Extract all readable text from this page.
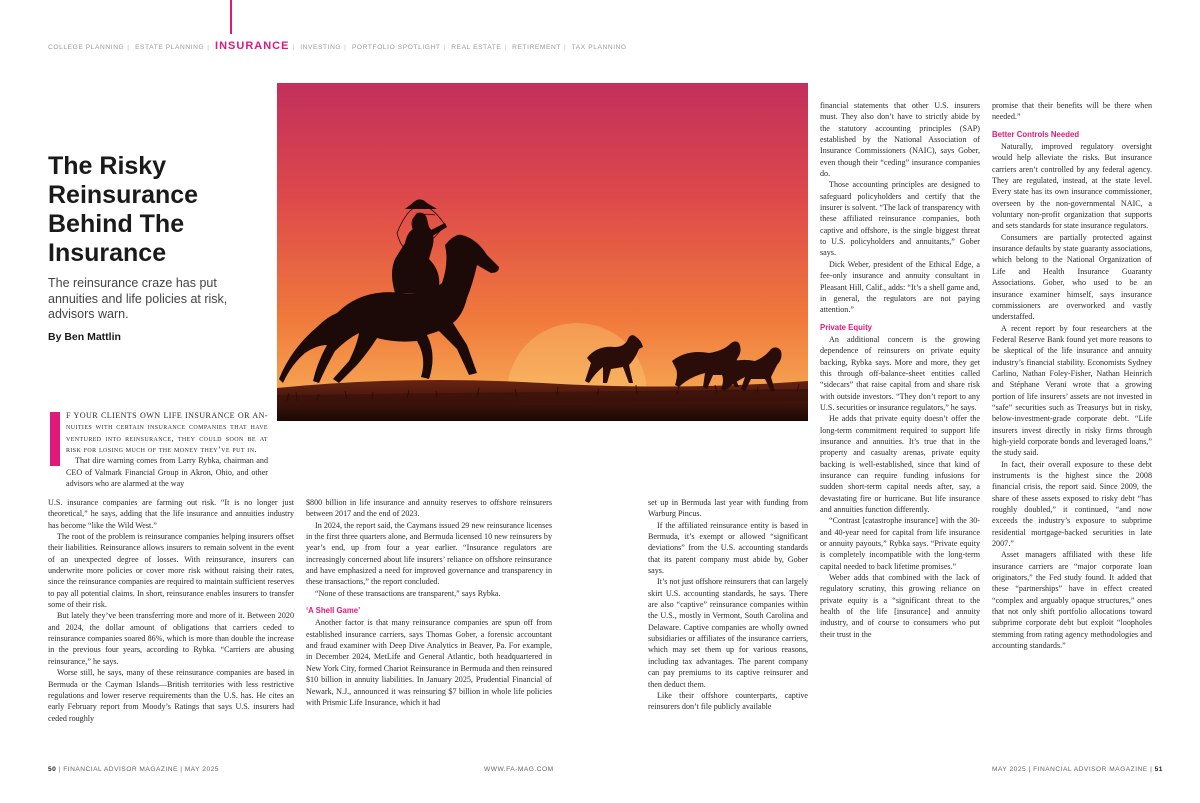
COLLEGE PLANNING | ESTATE PLANNING | INSURANCE | INVESTING | PORTFOLIO SPOTLIGHT | REAL ESTATE | RETIREMENT | TAX PLANNING
The Risky Reinsurance Behind The Insurance

The reinsurance craze has put annuities and life policies at risk, advisors warn.

By Ben Mattlin

F YOUR CLIENTS OWN LIFE INSURANCE OR AN-nuities with certain insurance companies that have ventured into reinsurance, they could soon be at risk for losing much of the money they’ve put in.

That dire warning comes from Larry Rybka, chairman and CEO of Valmark Financial Group in Akron, Ohio, and other advisors who are alarmed at the way

U.S. insurance companies are farming out risk. “It is no longer just theoretical,” he says, adding that the life insurance and annuities industry has become “like the Wild West.”

The root of the problem is reinsurance companies helping insurers offset their liabilities. Reinsurance allows insurers to remain solvent in the event of an unexpected degree of losses. With reinsurance, insurers can underwrite more policies or cover more risk without raising their rates, since the reinsurance companies are required to maintain sufficient reserves to pay all potential claims. In short, reinsurance enables insurers to transfer some of their risk.

But lately they’ve been transferring more and more of it. Between 2020 and 2024, the dollar amount of obligations that carriers ceded to reinsurance companies soared 86%, which is more than double the increase in the previous four years, according to Rybka. “Carriers are abusing reinsurance,” he says.

Worse still, he says, many of these reinsurance companies are based in Bermuda or the Cayman Islands—British territories with less restrictive regulations and lower reserve requirements than the U.S. has. He cites an early February report from Moody’s Ratings that says U.S. insurers had ceded roughly

$800 billion in life insurance and annuity reserves to offshore reinsurers between 2017 and the end of 2023.

In 2024, the report said, the Caymans issued 29 new reinsurance licenses in the first three quarters alone, and Bermuda licensed 10 new reinsurers by year’s end, up from four a year earlier. “Insurance regulators are increasingly concerned about life insurers’ reliance on offshore reinsurance and have emphasized a need for improved governance and transparency in these transactions,” the report concluded.

“None of these transactions are transparent,” says Rybka.

‘A Shell Game’

Another factor is that many reinsurance companies are spun off from established insurance carriers, says Thomas Gober, a forensic accountant and fraud examiner with Deep Dive Analytics in Beaver, Pa. For example, in December 2024, MetLife and General Atlantic, both headquartered in New York City, formed Chariot Reinsurance in Bermuda and then reinsured $10 billion in annuity liabilities. In January 2025, Prudential Financial of Newark, N.J., announced it was reinsuring $7 billion in whole life policies with Prismic Life Insurance, which it had

set up in Bermuda last year with funding from Warburg Pincus.

If the affiliated reinsurance entity is based in Bermuda, it’s exempt or allowed “significant deviations” from the U.S. accounting standards that its parent company must abide by, Gober says.

It’s not just offshore reinsurers that can largely skirt U.S. accounting standards, he says. There are also “captive” reinsurance companies within the U.S., mostly in Vermont, South Carolina and Delaware. Captive companies are wholly owned subsidiaries or affiliates of the insurance carriers, which may set them up for various reasons, including tax advantages. The parent company can pay premiums to its captive reinsurer and then deduct them.

Like their offshore counterparts, captive reinsurers don’t file publicly available

financial statements that other U.S. insurers must. They also don’t have to strictly abide by the statutory accounting principles (SAP) established by the National Association of Insurance Commissioners (NAIC), says Gober, even though their “ceding” insurance companies do.

Those accounting principles are designed to safeguard policyholders and certify that the insurer is solvent. “The lack of transparency with these affiliated reinsurance companies, both captive and offshore, is the single biggest threat to U.S. policyholders and annuitants,” Gober says.

Dick Weber, president of the Ethical Edge, a fee-only insurance and annuity consultant in Pleasant Hill, Calif., adds: “It’s a shell game and, in general, the regulators are not paying attention.”

Private Equity

An additional concern is the growing dependence of reinsurers on private equity backing, Rybka says. More and more, they get this through off-balance-sheet entities called “sidecars” that raise capital from and share risk with outside investors. “They don’t report to any U.S. securities or insurance regulators,” he says.

He adds that private equity doesn’t offer the long-term commitment required to support life insurance and annuities. It’s true that in the property and casualty arenas, private equity backing is well-established, since that kind of insurance can require funding infusions for sudden short-term capital needs after, say, a devastating fire or hurricane. But life insurance and annuities function differently.

“Contrast [catastrophe insurance] with the 30- and 40-year need for capital from life insurance or annuity payouts,” Rybka says. “Private equity is completely incompatible with the long-term capital needed to back lifetime promises.”

Weber adds that combined with the lack of regulatory scrutiny, this growing reliance on private equity is a “significant threat to the health of the life [insurance] and annuity industry, and of course to consumers who put their trust in the

promise that their benefits will be there when needed.”

Better Controls Needed

Naturally, improved regulatory oversight would help alleviate the risks. But insurance carriers aren’t controlled by any federal agency. They are regulated, instead, at the state level. Every state has its own insurance commissioner, overseen by the non-governmental NAIC, a voluntary non-profit organization that supports and sets standards for state insurance regulators.

Consumers are partially protected against insurance defaults by state guaranty associations, which belong to the National Organization of Life and Health Insurance Guaranty Associations. Gober, who used to be an insurance examiner himself, says insurance commissioners are overworked and vastly understaffed.

A recent report by four researchers at the Federal Reserve Bank found yet more reasons to be skeptical of the life insurance and annuity industry’s financial stability. Economists Sydney Carlino, Nathan Foley-Fisher, Nathan Heinrich and Stéphane Verani wrote that a growing portion of life insurers’ assets are not invested in “safe” securities such as Treasurys but in risky, below-investment-grade corporate debt. “Life insurers invest directly in risky firms through high-yield corporate bonds and leveraged loans,” the study said.

In fact, their overall exposure to these debt instruments is the highest since the 2008 financial crisis, the report said. Since 2009, the share of these assets exposed to risky debt “has roughly doubled,” it continued, “and now exceeds the industry’s exposure to subprime residential mortgage-backed securities in late 2007.”

Asset managers affiliated with these life insurance carriers are “major corporate loan originators,” the Fed study found. It added that these “partnerships” have in effect created “complex and arguably opaque structures,” ones that not only shift portfolio allocations toward subprime corporate debt but exploit “loopholes stemming from rating agency methodologies and accounting standards.”

50 | FINANCIAL ADVISOR MAGAZINE | MAY 2025	WWW.FA-MAG.COM	MAY 2025 | FINANCIAL ADVISOR MAGAZINE | 51
